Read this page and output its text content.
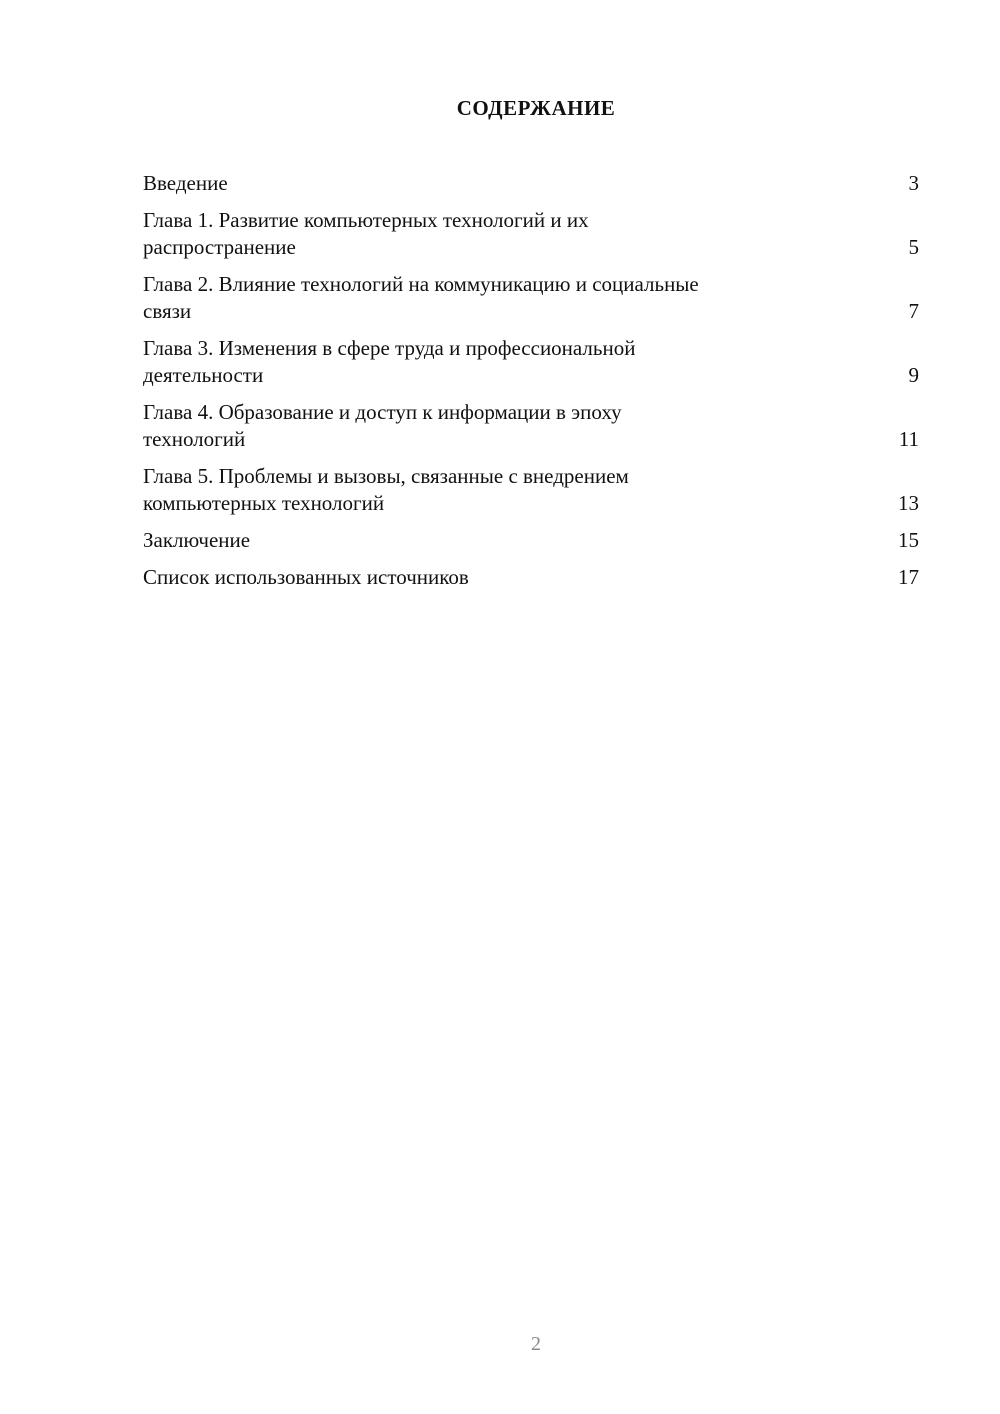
СОДЕРЖАНИЕ
Введение	3
Глава 1. Развитие компьютерных технологий и их
распространение	5
Глава 2. Влияние технологий на коммуникацию и социальные
связи	7
Глава 3. Изменения в сфере труда и профессиональной
деятельности	9
Глава 4. Образование и доступ к информации в эпоху
технологий	11
Глава 5. Проблемы и вызовы, связанные с внедрением
компьютерных технологий	13
Заключение	15
Список использованных источников	17
2
